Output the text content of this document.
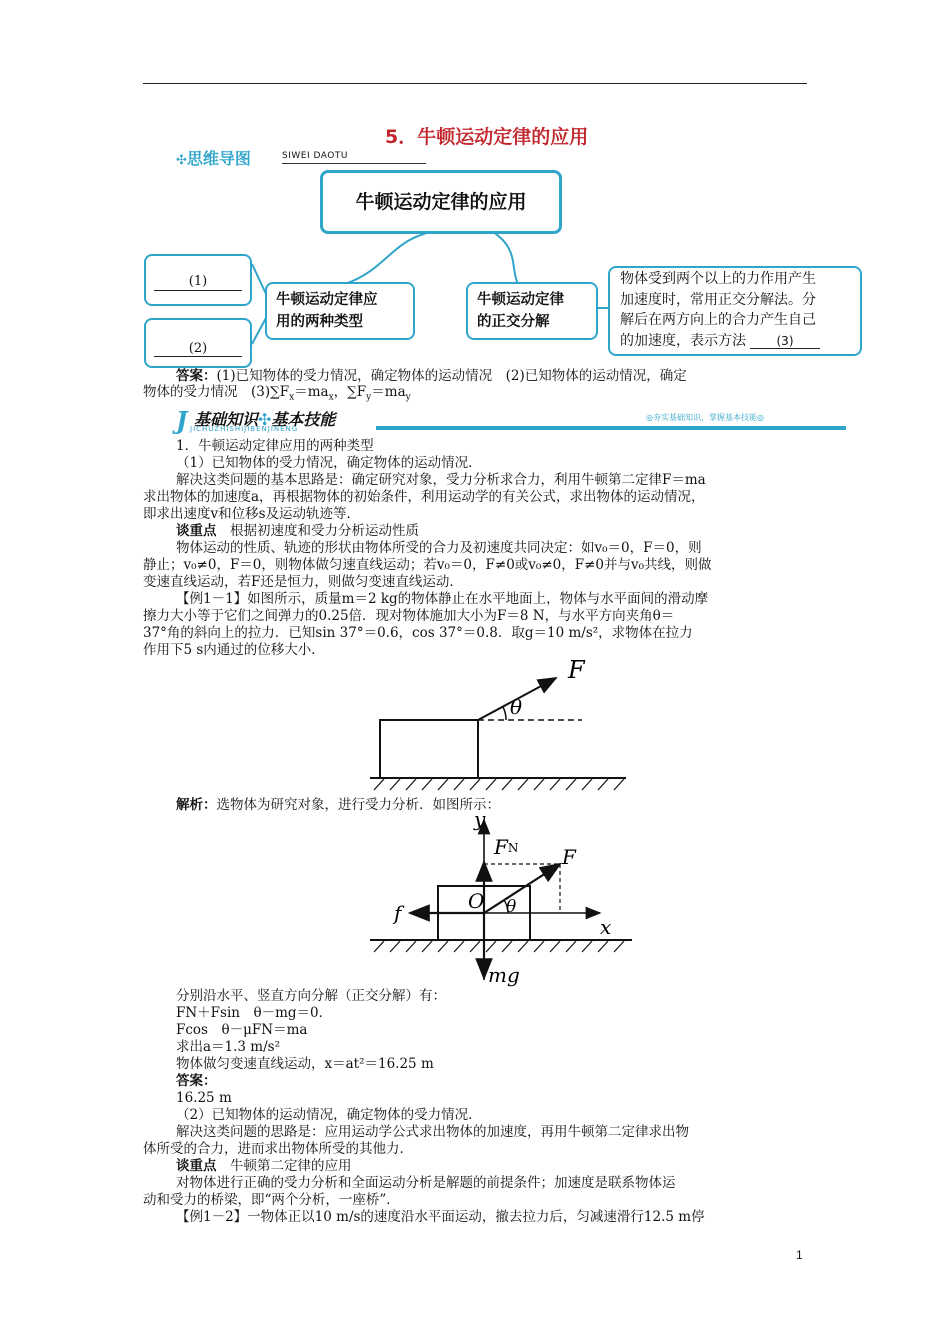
5．牛顿运动定律的应用
✣思维导图	SIWEI DAOTU
牛顿运动定律的应用
(1)
(2)
牛顿运动定律应
用的两种类型
牛顿运动定律
的正交分解
物体受到两个以上的力作用产生
加速度时，常用正交分解法。分
解后在两方向上的合力产生自己
的加速度，表示方法	(3)
答案：(1)已知物体的受力情况，确定物体的运动情况　(2)已知物体的运动情况，确定
物体的受力情况　$(3)\sum F_x=ma_x$，$\sum F_y=ma_y$
J 基础知识✣基本技能
JICHUZHISHIJIBENJINENG
◎夯实基础知识，掌握基本技能◎
1．牛顿运动定律应用的两种类型
（1）已知物体的受力情况，确定物体的运动情况．
解决这类问题的基本思路是：确定研究对象，受力分析求合力，利用牛顿第二定律F＝ma
求出物体的加速度a，再根据物体的初始条件，利用运动学的有关公式，求出物体的运动情况，
即求出速度v和位移s及运动轨迹等．
谈重点　 根据初速度和受力分析运动性质
物体运动的性质、轨迹的形状由物体所受的合力及初速度共同决定：如v₀＝0，F＝0，则
静止；v₀≠0，F＝0，则物体做匀速直线运动；若v₀＝0，F≠0或v₀≠0，F≠0并与v₀共线，则做
变速直线运动，若F还是恒力，则做匀变速直线运动．
【例1－1】如图所示，质量m＝2 kg的物体静止在水平地面上，物体与水平面间的滑动摩
擦力大小等于它们之间弹力的0.25倍．现对物体施加大小为F＝8 N，与水平方向夹角θ＝
37°角的斜向上的拉力．已知sin 37°＝0.6，cos 37°＝0.8．取g＝10 m/s²，求物体在拉力
作用下5 s内通过的位移大小．
F
θ
解析：选物体为研究对象，进行受力分析．如图所示：
y
FN F
O θ
f
x
mg
分别沿水平、竖直方向分解（正交分解）有：
FN＋Fsin　θ－mg＝0．
Fcos　θ－μFN＝ma
求出a＝1.3 m/s²
物体做匀变速直线运动，x＝at²＝16.25 m
答案：
16.25 m
（2）已知物体的运动情况，确定物体的受力情况．
解决这类问题的思路是：应用运动学公式求出物体的加速度，再用牛顿第二定律求出物
体所受的合力，进而求出物体所受的其他力．
谈重点　 牛顿第二定律的应用
对物体进行正确的受力分析和全面运动分析是解题的前提条件；加速度是联系物体运
动和受力的桥梁，即“两个分析，一座桥”．
【例1－2】一物体正以10 m/s的速度沿水平面运动，撤去拉力后，匀减速滑行12.5 m停
1
